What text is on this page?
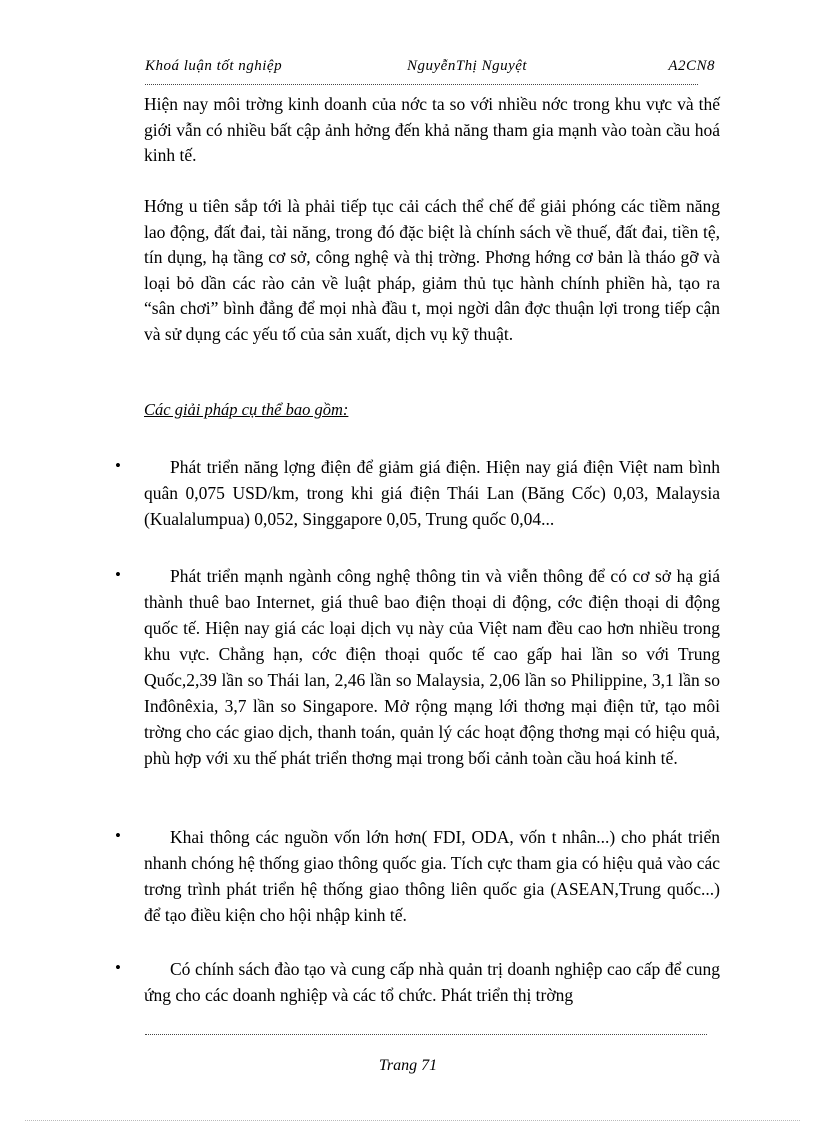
Khoá luận tốt nghiệp	NguyễnThị Nguyệt	A2CN8

Hiện nay môi trờng kinh doanh của nớc ta so với nhiều nớc trong khu vực và thế giới vẫn có nhiều bất cập ảnh hởng đến khả năng tham gia mạnh vào toàn cầu hoá kinh tế.

Hớng u tiên sắp tới là phải tiếp tục cải cách thể chế để giải phóng các tiềm năng lao động, đất đai, tài năng, trong đó đặc biệt là chính sách về thuế, đất đai, tiền tệ, tín dụng, hạ tầng cơ sở, công nghệ và thị trờng. Phơng hớng cơ bản là tháo gỡ và loại bỏ dần các rào cản về luật pháp, giảm thủ tục hành chính phiền hà, tạo ra “sân chơi” bình đẳng để mọi nhà đầu t, mọi ngời dân đợc thuận lợi trong tiếp cận và sử dụng các yếu tố của sản xuất, dịch vụ kỹ thuật.

Các giải pháp cụ thể bao gồm:

•	Phát triển năng lợng điện để giảm giá điện. Hiện nay giá điện Việt nam bình quân 0,075 USD/km, trong khi giá điện Thái Lan (Băng Cốc) 0,03, Malaysia (Kualalumpua) 0,052, Singgapore 0,05, Trung quốc 0,04...

•	Phát triển mạnh ngành công nghệ thông tin và viễn thông để có cơ sở hạ giá thành thuê bao Internet, giá thuê bao điện thoại di động, cớc điện thoại di động quốc tế. Hiện nay giá các loại dịch vụ này của Việt nam đều cao hơn nhiều trong khu vực. Chẳng hạn, cớc điện thoại quốc tế cao gấp hai lần so với Trung Quốc,2,39 lần so Thái lan, 2,46 lần so Malaysia, 2,06 lần so Philippine, 3,1 lần so Inđônêxia, 3,7 lần so Singapore. Mở rộng mạng lới thơng mại điện tử, tạo môi trờng cho các giao dịch, thanh toán, quản lý các hoạt động thơng mại có hiệu quả, phù hợp với xu thế phát triển thơng mại trong bối cảnh toàn cầu hoá kinh tế.

•	Khai thông các nguồn vốn lớn hơn( FDI, ODA, vốn t nhân...) cho phát triển nhanh chóng hệ thống giao thông quốc gia. Tích cực tham gia có hiệu quả vào các trơng trình phát triển hệ thống giao thông liên quốc gia (ASEAN,Trung quốc...) để tạo điều kiện cho hội nhập kinh tế.

•	Có chính sách đào tạo và cung cấp nhà quản trị doanh nghiệp cao cấp để cung ứng cho các doanh nghiệp và các tổ chức. Phát triển thị trờng

Trang 71
